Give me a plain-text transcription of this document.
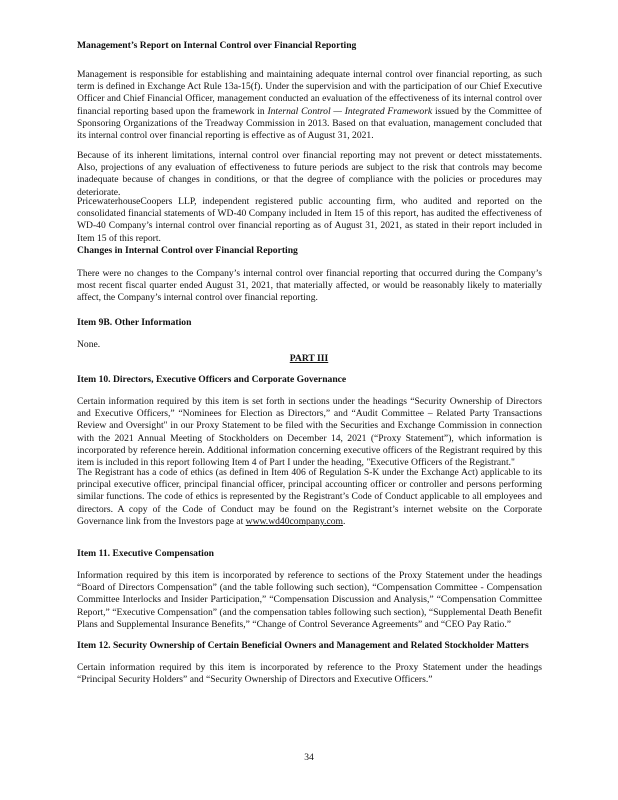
Management’s Report on Internal Control over Financial Reporting

Management is responsible for establishing and maintaining adequate internal control over financial reporting, as such term is defined in Exchange Act Rule 13a-15(f). Under the supervision and with the participation of our Chief Executive Officer and Chief Financial Officer, management conducted an evaluation of the effectiveness of its internal control over financial reporting based upon the framework in Internal Control — Integrated Framework issued by the Committee of Sponsoring Organizations of the Treadway Commission in 2013. Based on that evaluation, management concluded that its internal control over financial reporting is effective as of August 31, 2021.

Because of its inherent limitations, internal control over financial reporting may not prevent or detect misstatements. Also, projections of any evaluation of effectiveness to future periods are subject to the risk that controls may become inadequate because of changes in conditions, or that the degree of compliance with the policies or procedures may deteriorate.

PricewaterhouseCoopers LLP, independent registered public accounting firm, who audited and reported on the consolidated financial statements of WD-40 Company included in Item 15 of this report, has audited the effectiveness of WD-40 Company’s internal control over financial reporting as of August 31, 2021, as stated in their report included in Item 15 of this report.

Changes in Internal Control over Financial Reporting

There were no changes to the Company’s internal control over financial reporting that occurred during the Company’s most recent fiscal quarter ended August 31, 2021, that materially affected, or would be reasonably likely to materially affect, the Company’s internal control over financial reporting.

Item 9B. Other Information
None.
PART III
Item 10. Directors, Executive Officers and Corporate Governance

Certain information required by this item is set forth in sections under the headings “Security Ownership of Directors and Executive Officers,” “Nominees for Election as Directors,” and “Audit Committee – Related Party Transactions Review and Oversight" in our Proxy Statement to be filed with the Securities and Exchange Commission in connection with the 2021 Annual Meeting of Stockholders on December 14, 2021 (“Proxy Statement”), which information is incorporated by reference herein. Additional information concerning executive officers of the Registrant required by this item is included in this report following Item 4 of Part I under the heading, "Executive Officers of the Registrant."

The Registrant has a code of ethics (as defined in Item 406 of Regulation S-K under the Exchange Act) applicable to its principal executive officer, principal financial officer, principal accounting officer or controller and persons performing similar functions. The code of ethics is represented by the Registrant’s Code of Conduct applicable to all employees and directors. A copy of the Code of Conduct may be found on the Registrant’s internet website on the Corporate Governance link from the Investors page at www.wd40company.com.

Item 11. Executive Compensation

Information required by this item is incorporated by reference to sections of the Proxy Statement under the headings “Board of Directors Compensation” (and the table following such section), “Compensation Committee - Compensation Committee Interlocks and Insider Participation,” “Compensation Discussion and Analysis,” “Compensation Committee Report,” “Executive Compensation” (and the compensation tables following such section), “Supplemental Death Benefit Plans and Supplemental Insurance Benefits,” “Change of Control Severance Agreements” and “CEO Pay Ratio.”

Item 12. Security Ownership of Certain Beneficial Owners and Management and Related Stockholder Matters

Certain information required by this item is incorporated by reference to the Proxy Statement under the headings “Principal Security Holders” and “Security Ownership of Directors and Executive Officers.”

34
